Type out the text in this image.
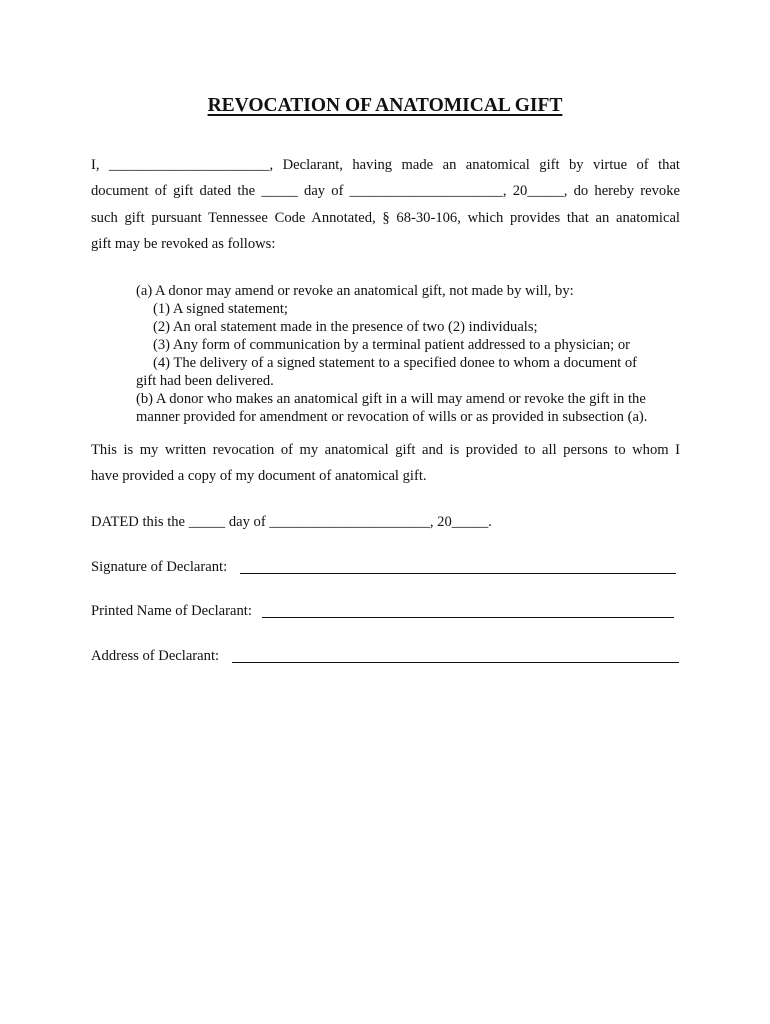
REVOCATION OF ANATOMICAL GIFT
I, ______________________, Declarant, having made an anatomical gift by virtue of that
document of gift dated the _____ day of _____________________, 20_____, do hereby revoke
such gift pursuant Tennessee Code Annotated, § 68-30-106, which provides that an anatomical
gift may be revoked as follows:
(a) A donor may amend or revoke an anatomical gift, not made by will, by:
(1) A signed statement;
(2) An oral statement made in the presence of two (2) individuals;
(3) Any form of communication by a terminal patient addressed to a physician; or
(4) The delivery of a signed statement to a specified donee to whom a document of
gift had been delivered.
(b) A donor who makes an anatomical gift in a will may amend or revoke the gift in the
manner provided for amendment or revocation of wills or as provided in subsection (a).
This is my written revocation of my anatomical gift and is provided to all persons to whom I
have provided a copy of my document of anatomical gift.

DATED this the _____ day of ______________________, 20_____.

Signature of Declarant:

Printed Name of Declarant:

Address of Declarant:
